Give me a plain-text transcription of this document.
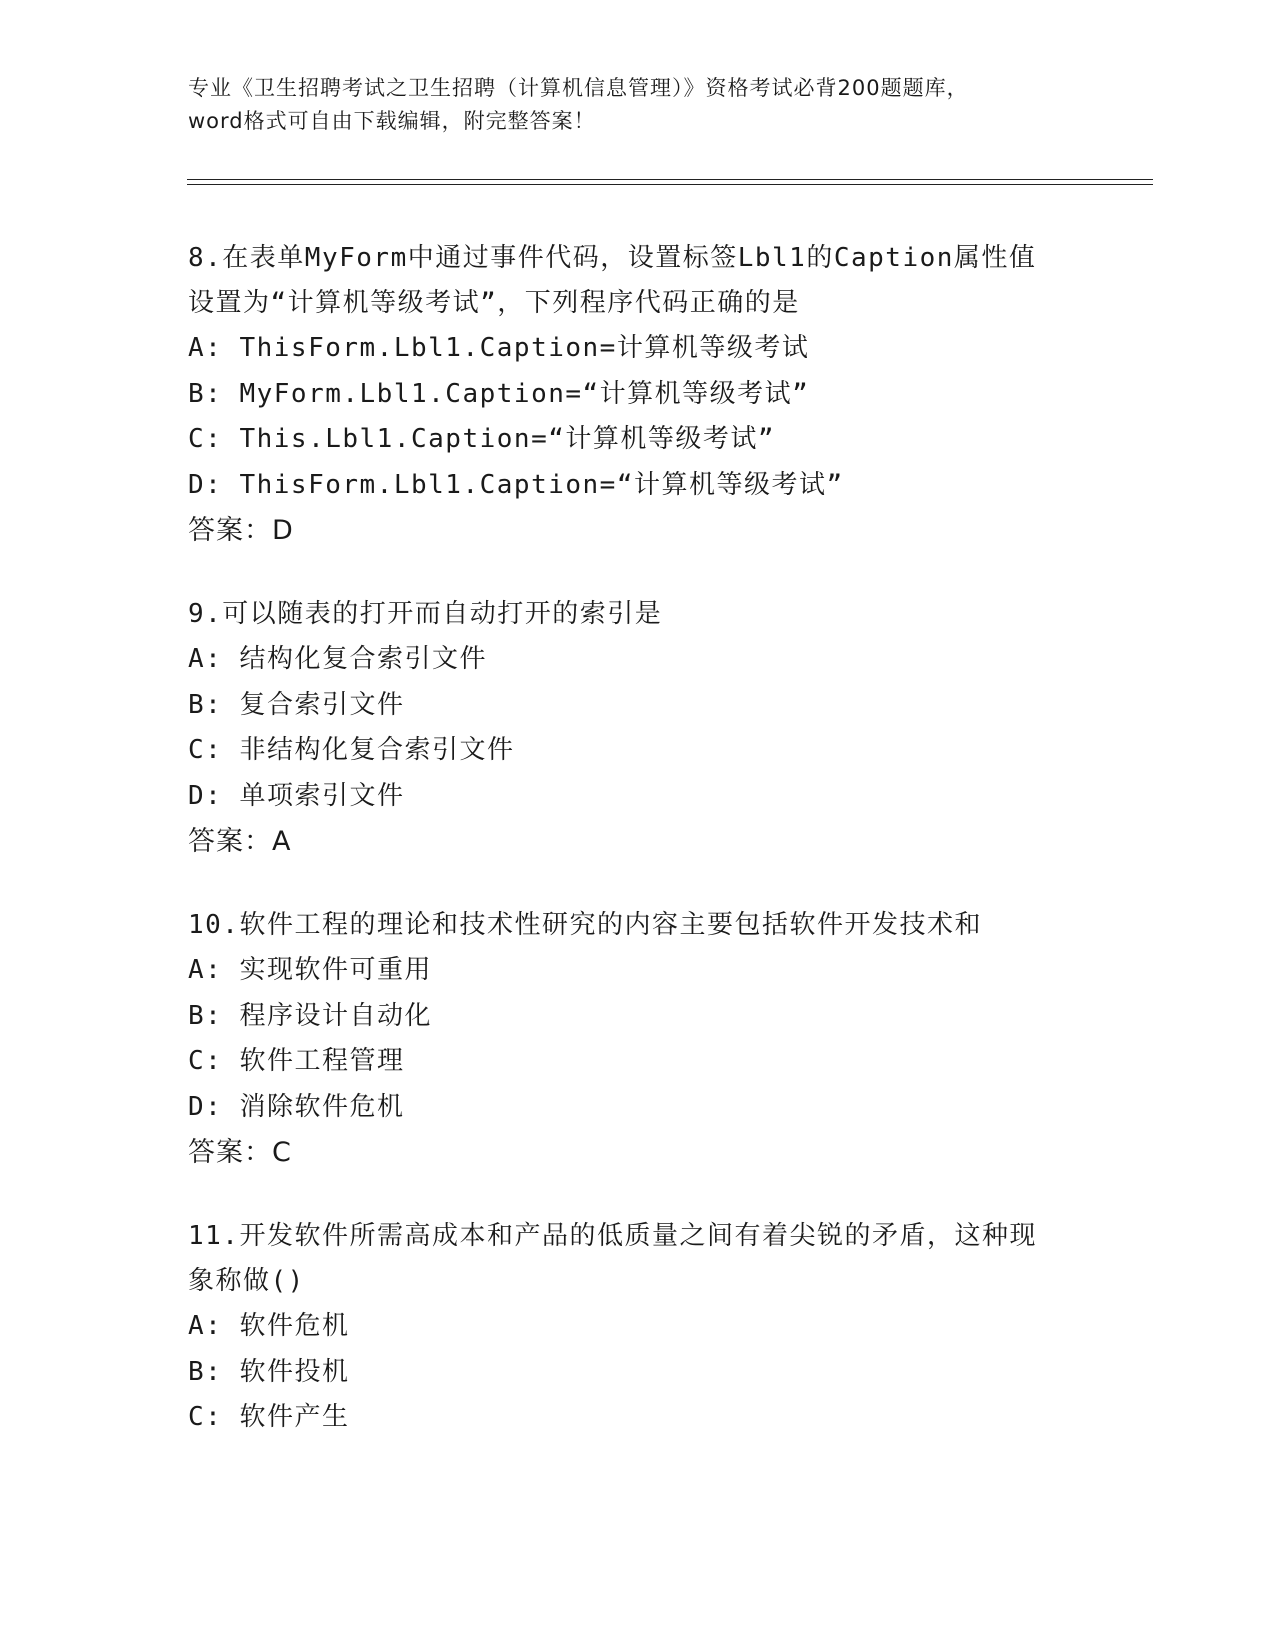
专业《卫生招聘考试之卫生招聘（计算机信息管理）》资格考试必背200题题库，
word格式可自由下载编辑，附完整答案！
8.在表单MyForm中通过事件代码，设置标签Lbl1的Caption属性值
设置为“计算机等级考试”，下列程序代码正确的是
A: ThisForm.Lbl1.Caption=计算机等级考试
B: MyForm.Lbl1.Caption=“计算机等级考试”
C: This.Lbl1.Caption=“计算机等级考试”
D: ThisForm.Lbl1.Caption=“计算机等级考试”
答案：D
9.可以随表的打开而自动打开的索引是
A: 结构化复合索引文件
B: 复合索引文件
C: 非结构化复合索引文件
D: 单项索引文件
答案：A
10.软件工程的理论和技术性研究的内容主要包括软件开发技术和
A: 实现软件可重用
B: 程序设计自动化
C: 软件工程管理
D: 消除软件危机
答案：C
11.开发软件所需高成本和产品的低质量之间有着尖锐的矛盾，这种现
象称做()
A: 软件危机
B: 软件投机
C: 软件产生
